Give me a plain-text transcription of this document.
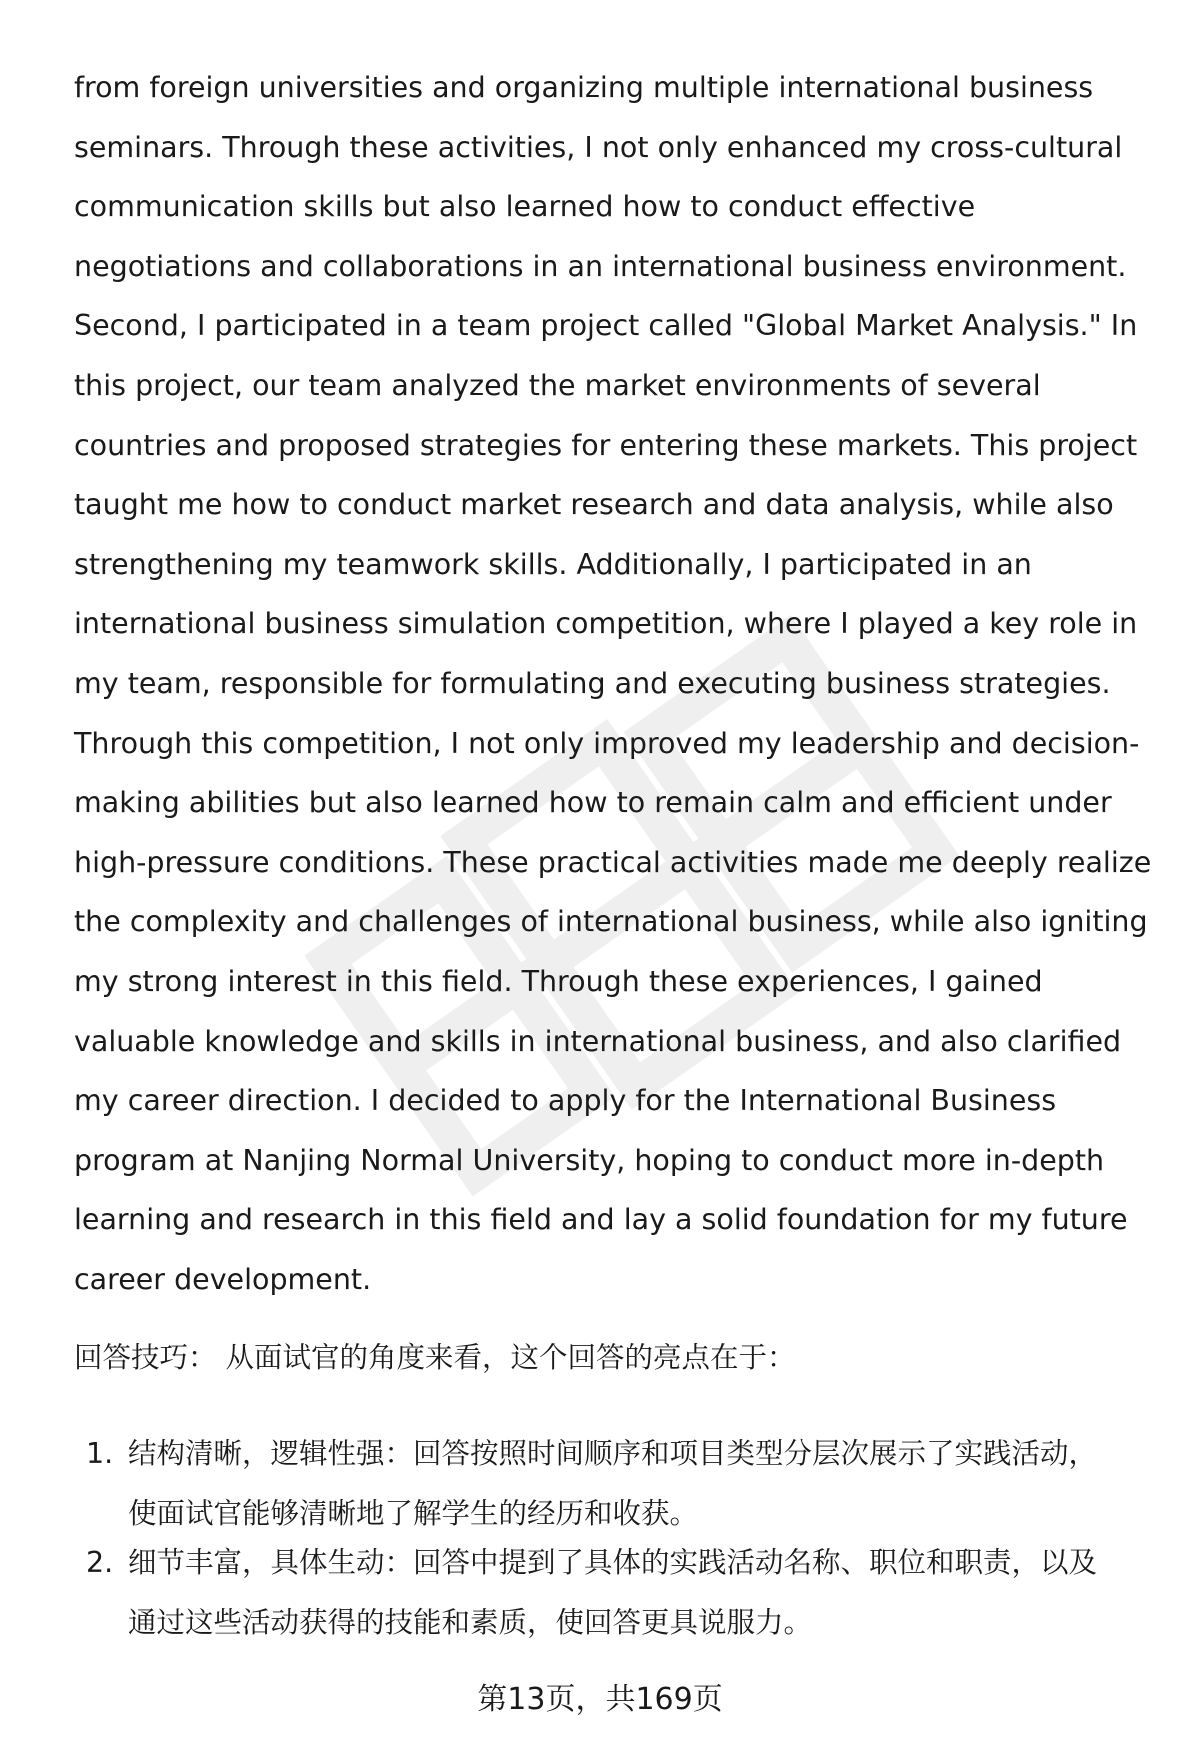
from foreign universities and organizing multiple international business
seminars. Through these activities, I not only enhanced my cross-cultural
communication skills but also learned how to conduct effective
negotiations and collaborations in an international business environment.
Second, I participated in a team project called "Global Market Analysis." In
this project, our team analyzed the market environments of several
countries and proposed strategies for entering these markets. This project
taught me how to conduct market research and data analysis, while also
strengthening my teamwork skills. Additionally, I participated in an
international business simulation competition, where I played a key role in
my team, responsible for formulating and executing business strategies.
Through this competition, I not only improved my leadership and decision-
making abilities but also learned how to remain calm and efficient under
high-pressure conditions. These practical activities made me deeply realize
the complexity and challenges of international business, while also igniting
my strong interest in this field. Through these experiences, I gained
valuable knowledge and skills in international business, and also clarified
my career direction. I decided to apply for the International Business
program at Nanjing Normal University, hoping to conduct more in-depth
learning and research in this field and lay a solid foundation for my future
career development.
回答技巧： 从面试官的角度来看，这个回答的亮点在于：
1. 结构清晰，逻辑性强：回答按照时间顺序和项目类型分层次展示了实践活动，
使面试官能够清晰地了解学生的经历和收获。
2. 细节丰富，具体生动：回答中提到了具体的实践活动名称、职位和职责，以及
通过这些活动获得的技能和素质，使回答更具说服力。
第13页，共169页
